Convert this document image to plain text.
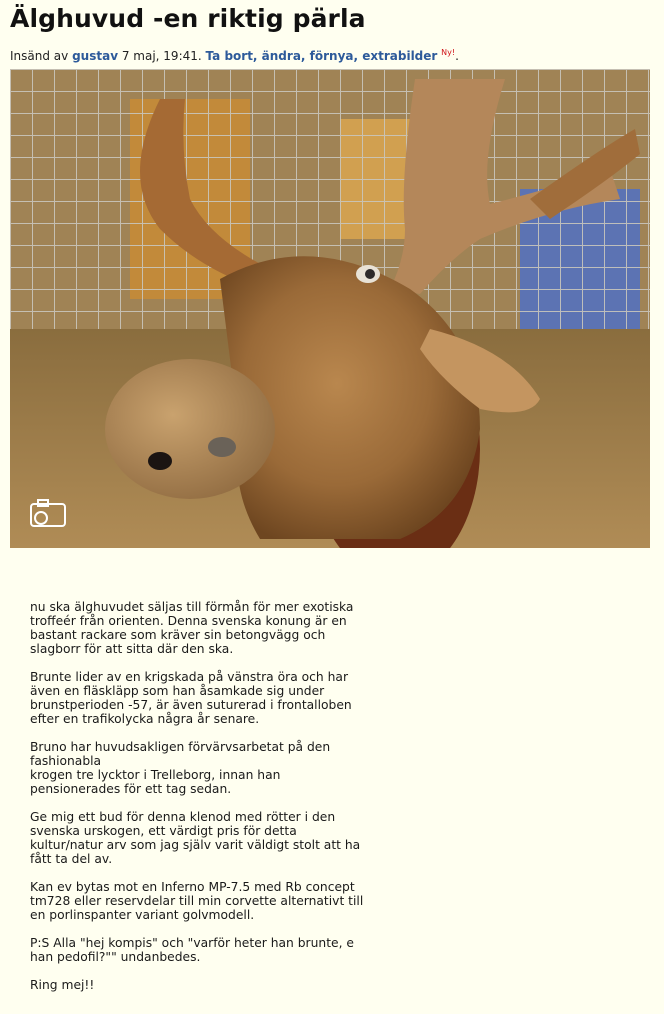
Älghuvud -en riktig pärla
Insänd av gustav 7 maj, 19:41. Ta bort, ändra, förnya, extrabilder $^{Ny!}$.

nu ska älghuvudet säljas till förmån för mer exotiska
troffeér från orienten. Denna svenska konung är en
bastant rackare som kräver sin betongvägg och
slagborr för att sitta där den ska.

Brunte lider av en krigskada på vänstra öra och har
även en fläskläpp som han åsamkade sig under
brunstperioden -57, är även suturerad i frontalloben
efter en trafikolycka några år senare.

Bruno har huvudsakligen förvärvsarbetat på den
fashionabla
krogen tre lycktor i Trelleborg, innan han
pensionerades för ett tag sedan.

Ge mig ett bud för denna klenod med rötter i den
svenska urskogen, ett värdigt pris för detta
kultur/natur arv som jag själv varit väldigt stolt att ha
fått ta del av.

Kan ev bytas mot en Inferno MP-7.5 med Rb concept
tm728 eller reservdelar till min corvette alternativt till
en porlinspanter variant golvmodell.

P:S Alla "hej kompis" och "varför heter han brunte, e
han pedofil?"" undanbedes.

Ring mej!!
